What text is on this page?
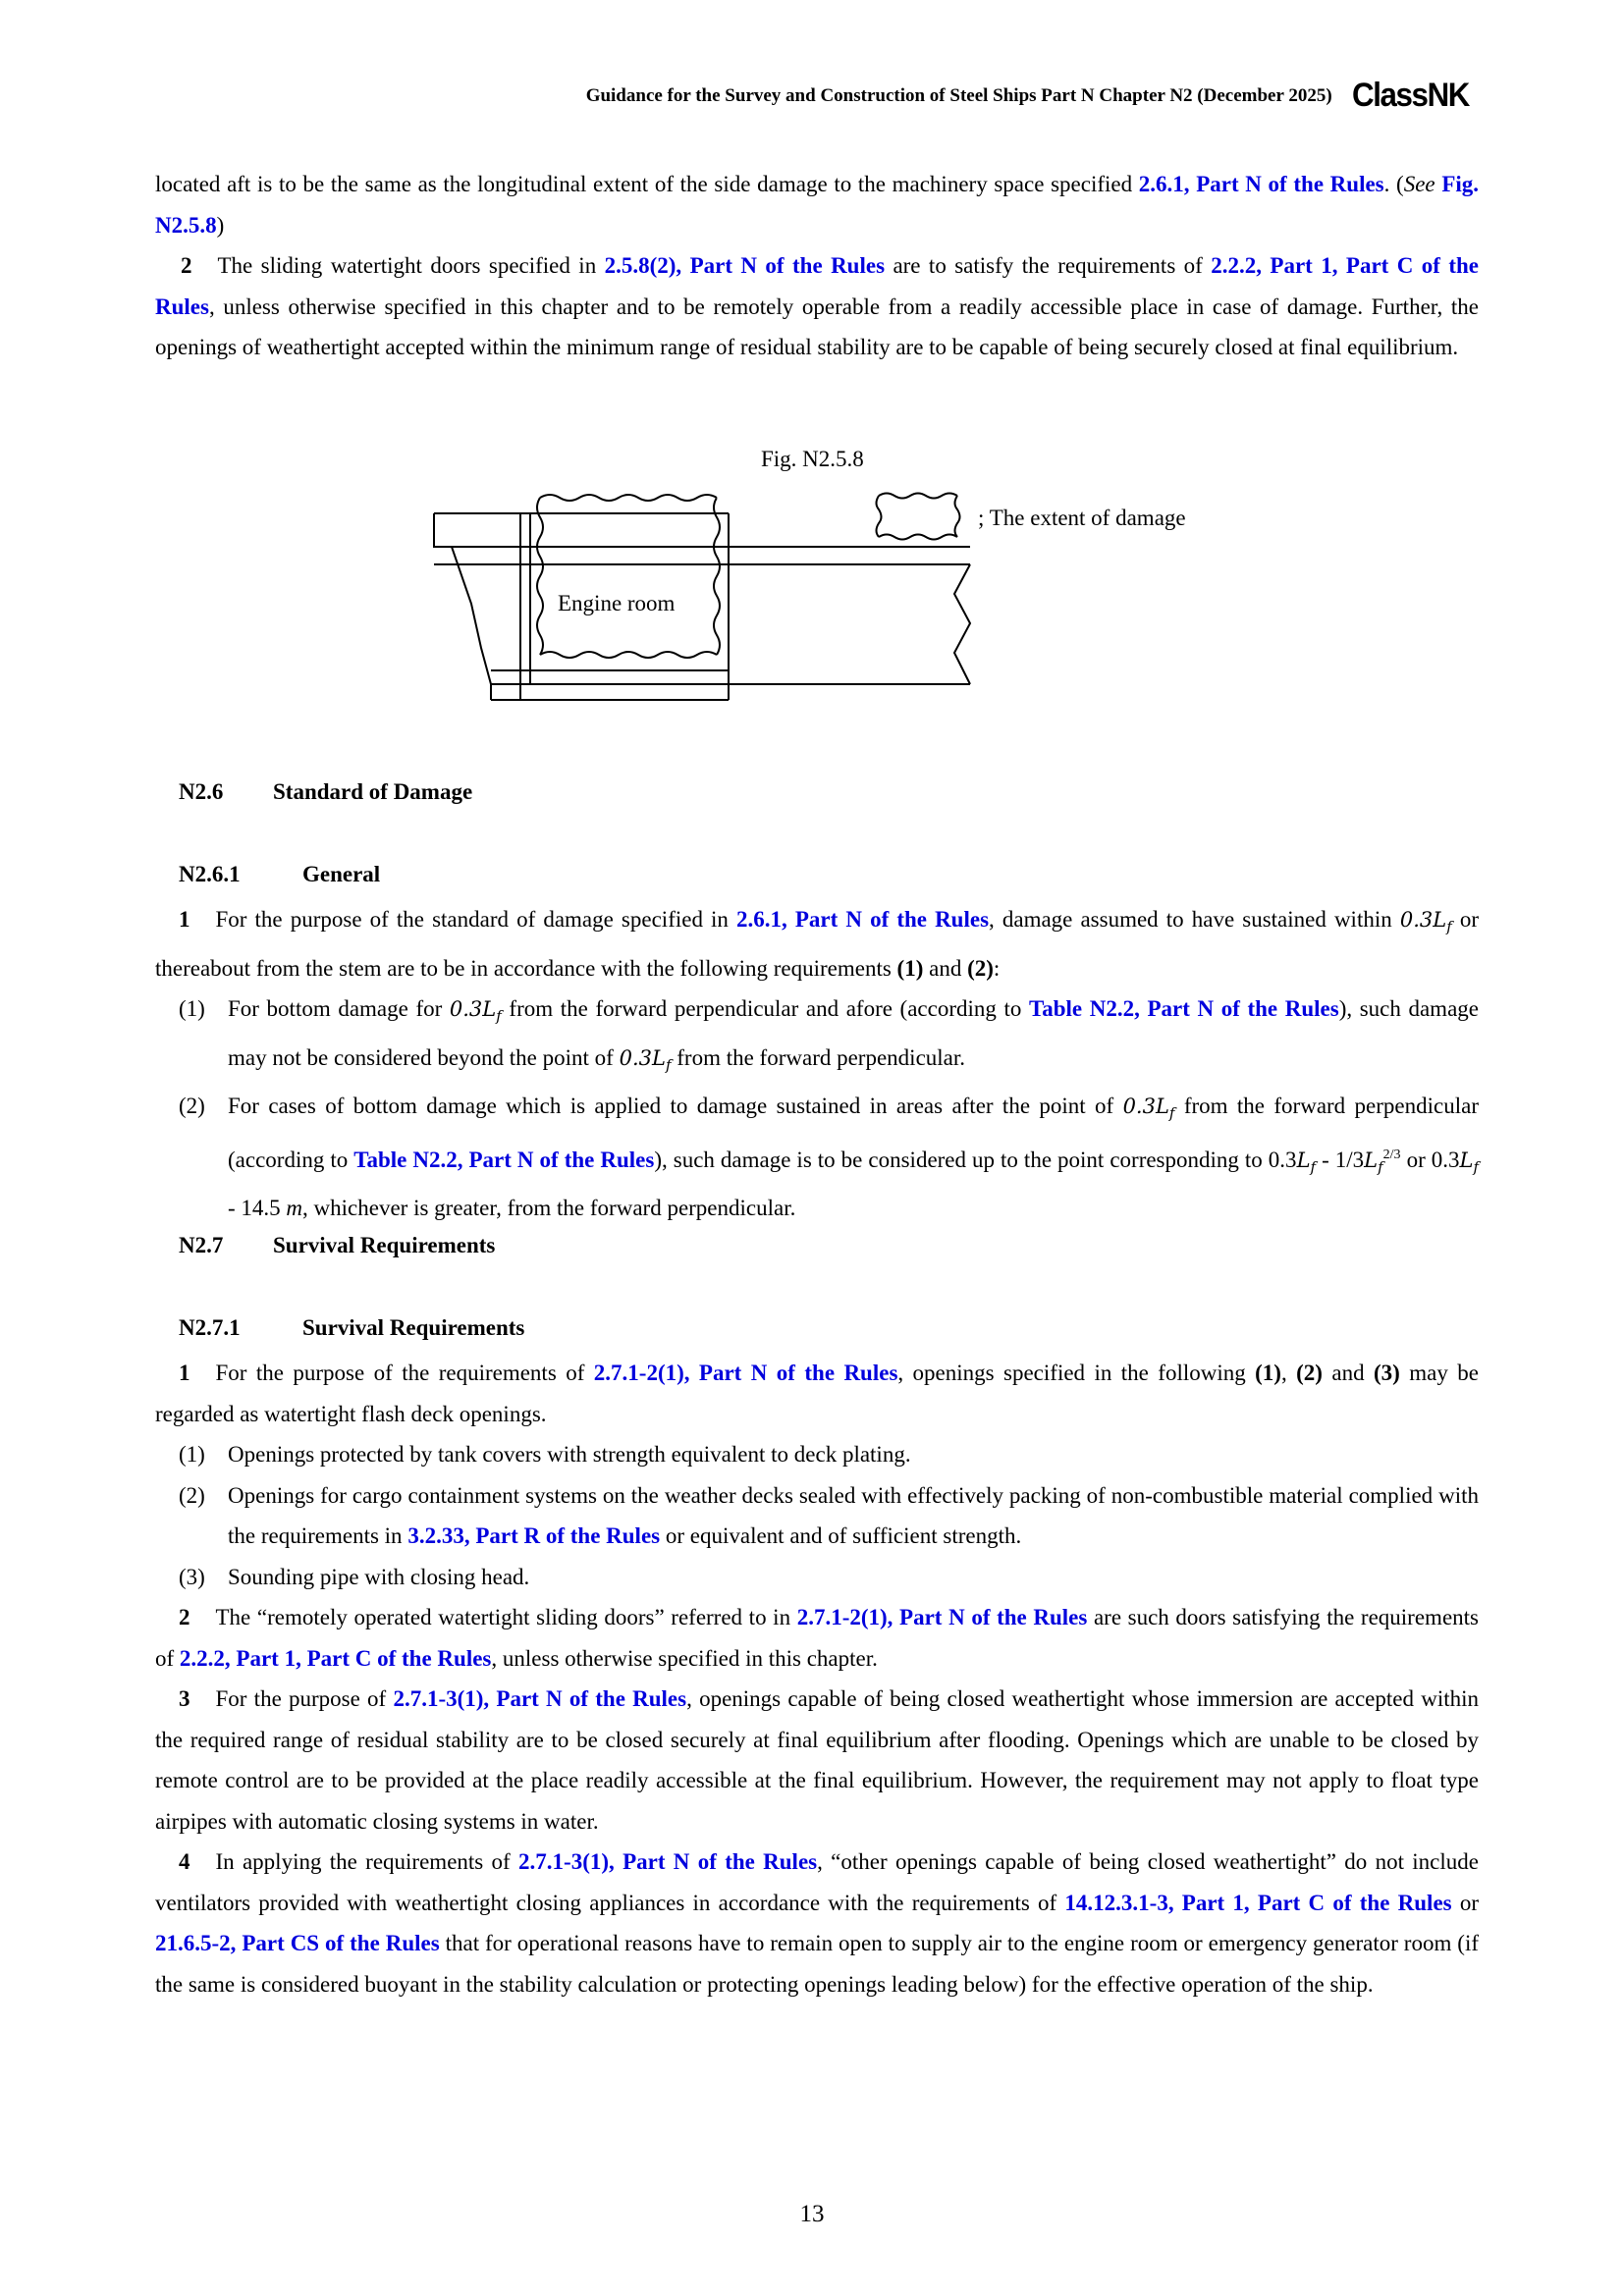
Guidance for the Survey and Construction of Steel Ships Part N Chapter N2 (December 2025) ClassNK

located aft is to be the same as the longitudinal extent of the side damage to the machinery space specified 2.6.1, Part N of the Rules. (See Fig. N2.5.8)

2 The sliding watertight doors specified in 2.5.8(2), Part N of the Rules are to satisfy the requirements of 2.2.2, Part 1, Part C of the Rules, unless otherwise specified in this chapter and to be remotely operable from a readily accessible place in case of damage. Further, the openings of weathertight accepted within the minimum range of residual stability are to be capable of being securely closed at final equilibrium.

Fig. N2.5.8
Engine room
; The extent of damage
N2.6 Standard of Damage
N2.6.1	General

1 For the purpose of the standard of damage specified in 2.6.1, Part N of the Rules, damage assumed to have sustained within $0.3L_f$ or thereabout from the stem are to be in accordance with the following requirements (1) and (2):

(1)	For bottom damage for $0.3L_f$ from the forward perpendicular and afore (according to Table N2.2, Part N of the Rules), such damage may not be considered beyond the point of $0.3L_f$ from the forward perpendicular.
(2)	For cases of bottom damage which is applied to damage sustained in areas after the point of $0.3L_f$ from the forward perpendicular (according to Table N2.2, Part N of the Rules), such damage is to be considered up to the point corresponding to $0.3L_f - 1/3L_f^{2/3}$ or $0.3L_f - 14.5$ m, whichever is greater, from the forward perpendicular.
N2.7 Survival Requirements
N2.7.1	Survival Requirements

1 For the purpose of the requirements of 2.7.1-2(1), Part N of the Rules, openings specified in the following (1), (2) and (3) may be regarded as watertight flash deck openings.

(1)	Openings protected by tank covers with strength equivalent to deck plating.
(2)	Openings for cargo containment systems on the weather decks sealed with effectively packing of non-combustible material complied with the requirements in 3.2.33, Part R of the Rules or equivalent and of sufficient strength.
(3)	Sounding pipe with closing head.

2 The “remotely operated watertight sliding doors” referred to in 2.7.1-2(1), Part N of the Rules are such doors satisfying the requirements of 2.2.2, Part 1, Part C of the Rules, unless otherwise specified in this chapter.

3 For the purpose of 2.7.1-3(1), Part N of the Rules, openings capable of being closed weathertight whose immersion are accepted within the required range of residual stability are to be closed securely at final equilibrium after flooding. Openings which are unable to be closed by remote control are to be provided at the place readily accessible at the final equilibrium. However, the requirement may not apply to float type airpipes with automatic closing systems in water.

4 In applying the requirements of 2.7.1-3(1), Part N of the Rules, “other openings capable of being closed weathertight” do not include ventilators provided with weathertight closing appliances in accordance with the requirements of 14.12.3.1-3, Part 1, Part C of the Rules or 21.6.5-2, Part CS of the Rules that for operational reasons have to remain open to supply air to the engine room or emergency generator room (if the same is considered buoyant in the stability calculation or protecting openings leading below) for the effective operation of the ship.

13
